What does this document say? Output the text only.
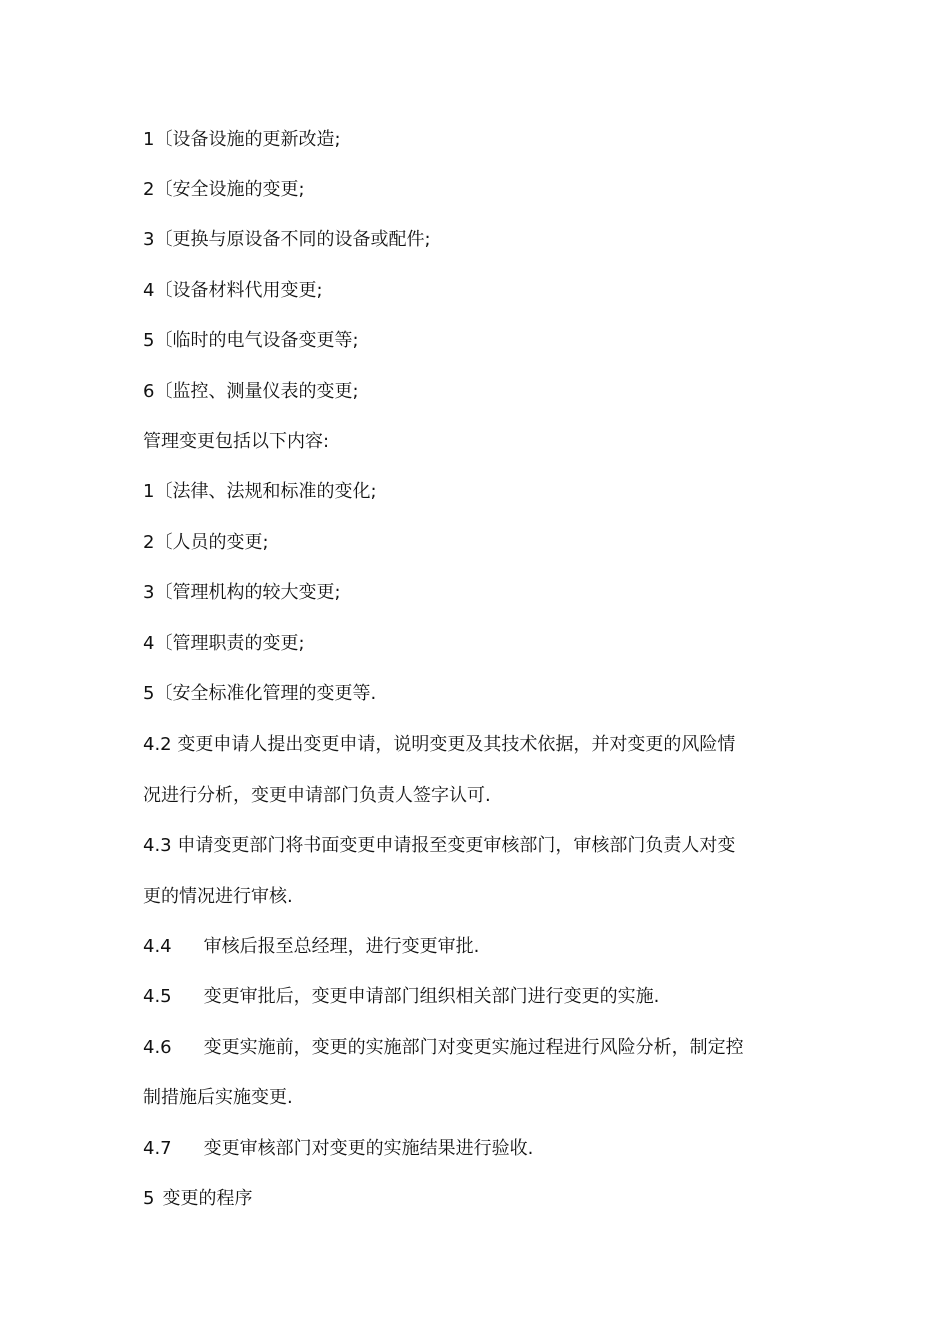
1〔设备设施的更新改造;
2〔安全设施的变更;
3〔更换与原设备不同的设备或配件;
4〔设备材料代用变更;
5〔临时的电气设备变更等;
6〔监控、测量仪表的变更;
管理变更包括以下内容:
1〔法律、法规和标准的变化;
2〔人员的变更;
3〔管理机构的较大变更;
4〔管理职责的变更;
5〔安全标准化管理的变更等.
4.2 变更申请人提出变更申请，说明变更及其技术依据，并对变更的风险情
况进行分析，变更申请部门负责人签字认可.
4.3 申请变更部门将书面变更申请报至变更审核部门，审核部门负责人对变
更的情况进行审核.
4.4 审核后报至总经理，进行变更审批.
4.5 变更审批后，变更申请部门组织相关部门进行变更的实施.
4.6 变更实施前，变更的实施部门对变更实施过程进行风险分析，制定控
制措施后实施变更.
4.7 变更审核部门对变更的实施结果进行验收.
5 变更的程序
